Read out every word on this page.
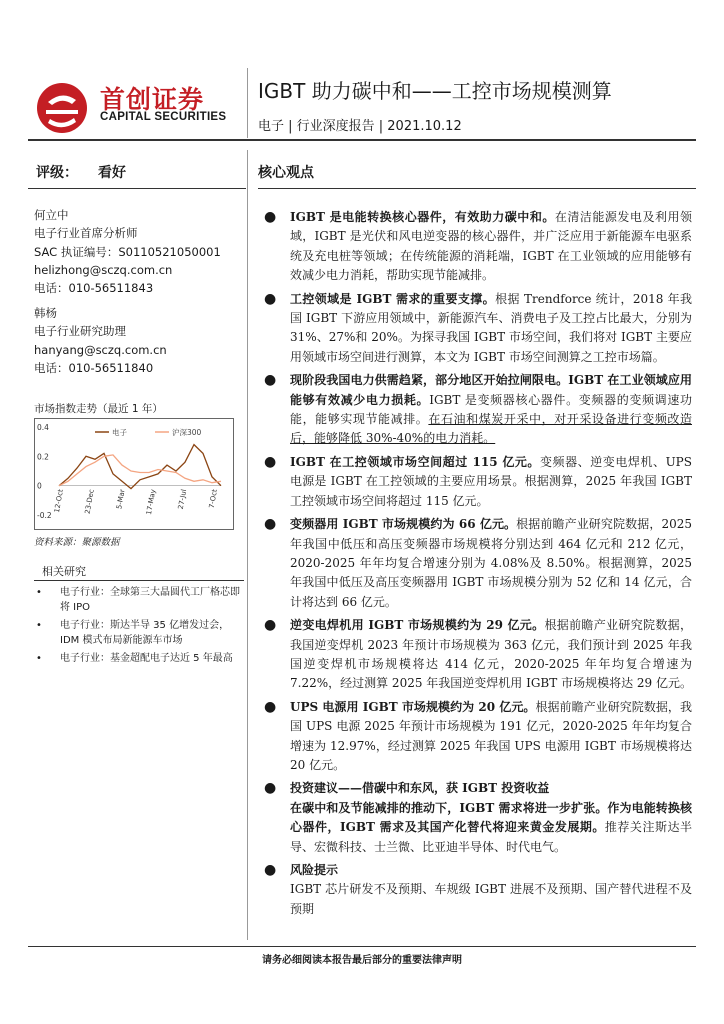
首创证券
CAPITAL SECURITIES
IGBT 助力碳中和——工控市场规模测算
电子 | 行业深度报告 | 2021.10.12
评级： 看好
何立中
电子行业首席分析师
SAC 执证编号：S0110521050001
helizhong@sczq.com.cn
电话：010-56511843
韩杨
电子行业研究助理
hanyang@sczq.com.cn
电话：010-56511840
市场指数走势（最近 1 年）
0.4
0.2
0
-0.2
电子	沪深300
12-Oct	23-Dec	5-Mar	17-May	27-Jul	7-Oct
资料来源：聚源数据
相关研究
• 电子行业：全球第三大晶圆代工厂格芯即将 IPO
• 电子行业：斯达半导 35 亿增发过会，IDM 模式布局新能源车市场
• 电子行业：基金超配电子达近 5 年最高
核心观点
● IGBT 是电能转换核心器件，有效助力碳中和。在清洁能源发电及利用领域，IGBT 是光伏和风电逆变器的核心器件，并广泛应用于新能源车电驱系统及充电桩等领域；在传统能源的消耗端，IGBT 在工业领域的应用能够有效减少电力消耗，帮助实现节能减排。
● 工控领域是 IGBT 需求的重要支撑。根据 Trendforce 统计，2018 年我国 IGBT 下游应用领域中，新能源汽车、消费电子及工控占比最大，分别为 31%、27%和 20%。为探寻我国 IGBT 市场空间，我们将对 IGBT 主要应用领域市场空间进行测算，本文为 IGBT 市场空间测算之工控市场篇。
● 现阶段我国电力供需趋紧，部分地区开始拉闸限电。IGBT 在工业领域应用能够有效减少电力损耗。IGBT 是变频器核心器件。变频器的变频调速功能，能够实现节能减排。在石油和煤炭开采中，对开采设备进行变频改造后，能够降低 30%-40%的电力消耗。
● IGBT 在工控领域市场空间超过 115 亿元。变频器、逆变电焊机、UPS 电源是 IGBT 在工控领域的主要应用场景。根据测算，2025 年我国 IGBT 工控领域市场空间将超过 115 亿元。
● 变频器用 IGBT 市场规模约为 66 亿元。根据前瞻产业研究院数据，2025 年我国中低压和高压变频器市场规模将分别达到 464 亿元和 212 亿元，2020-2025 年年均复合增速分别为 4.08%及 8.50%。根据测算，2025 年我国中低压及高压变频器用 IGBT 市场规模分别为 52 亿和 14 亿元，合计将达到 66 亿元。
● 逆变电焊机用 IGBT 市场规模约为 29 亿元。根据前瞻产业研究院数据，我国逆变焊机 2023 年预计市场规模为 363 亿元，我们预计到 2025 年我国逆变焊机市场规模将达 414 亿元，2020-2025 年年均复合增速为 7.22%，经过测算 2025 年我国逆变焊机用 IGBT 市场规模将达 29 亿元。
● UPS 电源用 IGBT 市场规模约为 20 亿元。根据前瞻产业研究院数据，我国 UPS 电源 2025 年预计市场规模为 191 亿元，2020-2025 年年均复合增速为 12.97%，经过测算 2025 年我国 UPS 电源用 IGBT 市场规模将达 20 亿元。
● 投资建议——借碳中和东风，获 IGBT 投资收益
在碳中和及节能减排的推动下，IGBT 需求将进一步扩张。作为电能转换核心器件，IGBT 需求及其国产化替代将迎来黄金发展期。推荐关注斯达半导、宏微科技、士兰微、比亚迪半导体、时代电气。
● 风险提示
IGBT 芯片研发不及预期、车规级 IGBT 进展不及预期、国产替代进程不及预期
请务必细阅读本报告最后部分的重要法律声明
